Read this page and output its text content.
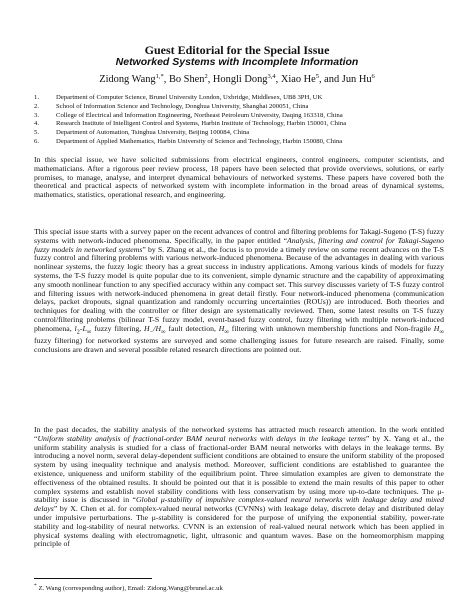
Guest Editorial for the Special Issue
Networked Systems with Incomplete Information
Zidong Wang$^{1,*}$, Bo Shen$^2$, Hongli Dong$^{3,4}$, Xiao He$^5$, and Jun Hu$^6$
1.	Department of Computer Science, Brunel University London, Uxbridge, Middlesex, UB8 3PH, UK
2.	School of Information Science and Technology, Donghua University, Shanghai 200051, China
3.	College of Electrical and Information Engineering, Northeast Petroleum University, Daqing 163318, China
4.	Research Institute of Intelligent Control and Systems, Harbin Institute of Technology, Harbin 150001, China
5.	Department of Automation, Tsinghua University, Beijing 100084, China
6.	Department of Applied Mathematics, Harbin University of Science and Technology, Harbin 150080, China

In this special issue, we have solicited submissions from electrical engineers, control engineers, computer scientists, and mathematicians. After a rigorous peer review process, 18 papers have been selected that provide overviews, solutions, or early promises, to manage, analyse, and interpret dynamical behaviours of networked systems. These papers have covered both the theoretical and practical aspects of networked system with incomplete information in the broad areas of dynamical systems, mathematics, statistics, operational research, and engineering.

This special issue starts with a survey paper on the recent advances of control and filtering problems for Takagi-Sugeno (T-S) fuzzy systems with network-induced phenomena. Specifically, in the paper entitled “Analysis, filtering and control for Takagi-Sugeno fuzzy models in networked systems” by S. Zhang et al., the focus is to provide a timely review on some recent advances on the T-S fuzzy control and filtering problems with various network-induced phenomena. Because of the advantages in dealing with various nonlinear systems, the fuzzy logic theory has a great success in industry applications. Among various kinds of models for fuzzy systems, the T-S fuzzy model is quite popular due to its convenient, simple dynamic structure and the capability of approximating any smooth nonlinear function to any specified accuracy within any compact set. This survey discusses variety of T-S fuzzy control and filtering issues with network-induced phenomena in great detail firstly. Four network-induced phenomena (communication delays, packet dropouts, signal quantization and randomly occurring uncertainties (ROUs)) are introduced. Both theories and techniques for dealing with the controller or filter design are systematically reviewed. Then, some latest results on T-S fuzzy control/filtering problems (bilinear T-S fuzzy model, event-based fuzzy control, fuzzy filtering with multiple network-induced phenomena, $l_2-L_\infty$ fuzzy filtering, $H_-/H_\infty$ fault detection, $H_\infty$ filtering with unknown membership functions and Non-fragile $H_\infty$ fuzzy filtering) for networked systems are surveyed and some challenging issues for future research are raised. Finally, some conclusions are drawn and several possible related research directions are pointed out.

In the past decades, the stability analysis of the networked systems has attracted much research attention. In the work entitled “Uniform stability analysis of fractional-order BAM neural networks with delays in the leakage terms” by X. Yang et al., the uniform stability analysis is studied for a class of fractional-order BAM neural networks with delays in the leakage terms. By introducing a novel norm, several delay-dependent sufficient conditions are obtained to ensure the uniform stability of the proposed system by using inequality technique and analysis method. Moreover, sufficient conditions are established to guarantee the existence, uniqueness and uniform stability of the equilibrium point. Three simulation examples are given to demonstrate the effectiveness of the obtained results. It should be pointed out that it is possible to extend the main results of this paper to other complex systems and establish novel stability conditions with less conservatism by using more up-to-date techniques. The μ-stability issue is discussed in “Global μ-stability of impulsive complex-valued neural networks with leakage delay and mixed delays” by X. Chen et al. for complex-valued neural networks (CVNNs) with leakage delay, discrete delay and distributed delay under impulsive perturbations. The μ-stability is considered for the purpose of unifying the exponential stability, power-rate stability and log-stability of neural networks. CVNN is an extension of real-valued neural network which has been applied in physical systems dealing with electromagnetic, light, ultrasonic and quantum waves. Base on the homeomorphism mapping principle of

* Z. Wang (corresponding author), Email: Zidong.Wang@brunel.ac.uk
